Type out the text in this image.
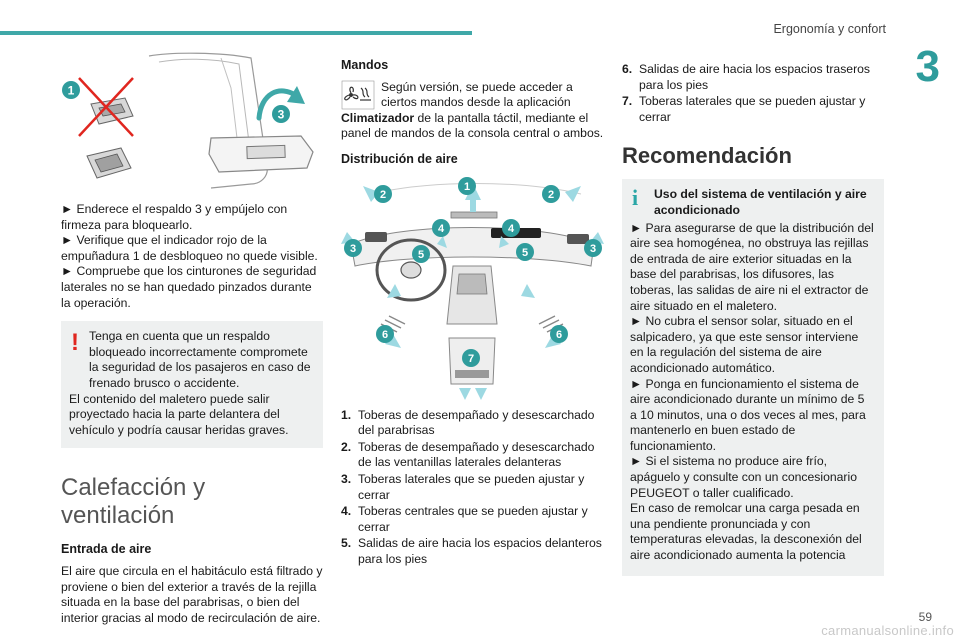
Ergonomía y confort
3
1
3
► Enderece el respaldo 3 y empújelo con firmeza para bloquearlo.
► Verifique que el indicador rojo de la empuñadura 1 de desbloqueo no quede visible.
► Compruebe que los cinturones de seguridad laterales no se han quedado pinzados durante la operación.
! Tenga en cuenta que un respaldo bloqueado incorrectamente compromete la seguridad de los pasajeros en caso de frenado brusco o accidente.
El contenido del maletero puede salir proyectado hacia la parte delantera del vehículo y podría causar heridas graves.
Calefacción y ventilación
Entrada de aire
El aire que circula en el habitáculo está filtrado y proviene o bien del exterior a través de la rejilla situada en la base del parabrisas, o bien del interior gracias al modo de recirculación de aire.
Mandos
Según versión, se puede acceder a ciertos mandos desde la aplicación
Climatizador de la pantalla táctil, mediante el panel de mandos de la consola central o ambos.
Distribución de aire
1
2	2
3	3
4	4
5	5
6	6
7
1. Toberas de desempañado y desescarchado del parabrisas
2. Toberas de desempañado y desescarchado de las ventanillas laterales delanteras
3. Toberas laterales que se pueden ajustar y cerrar
4. Toberas centrales que se pueden ajustar y cerrar
5. Salidas de aire hacia los espacios delanteros para los pies
6. Salidas de aire hacia los espacios traseros para los pies
7. Toberas laterales que se pueden ajustar y cerrar
Recomendación
i Uso del sistema de ventilación y aire acondicionado
► Para asegurarse de que la distribución del aire sea homogénea, no obstruya las rejillas de entrada de aire exterior situadas en la base del parabrisas, los difusores, las toberas, las salidas de aire ni el extractor de aire situado en el maletero.
► No cubra el sensor solar, situado en el salpicadero, ya que este sensor interviene en la regulación del sistema de aire acondicionado automático.
► Ponga en funcionamiento el sistema de aire acondicionado durante un mínimo de 5 a 10 minutos, una o dos veces al mes, para mantenerlo en buen estado de funcionamiento.
► Si el sistema no produce aire frío, apáguelo y consulte con un concesionario PEUGEOT o taller cualificado.
En caso de remolcar una carga pesada en una pendiente pronunciada y con temperaturas elevadas, la desconexión del aire acondicionado aumenta la potencia
59
carmanualsonline.info
